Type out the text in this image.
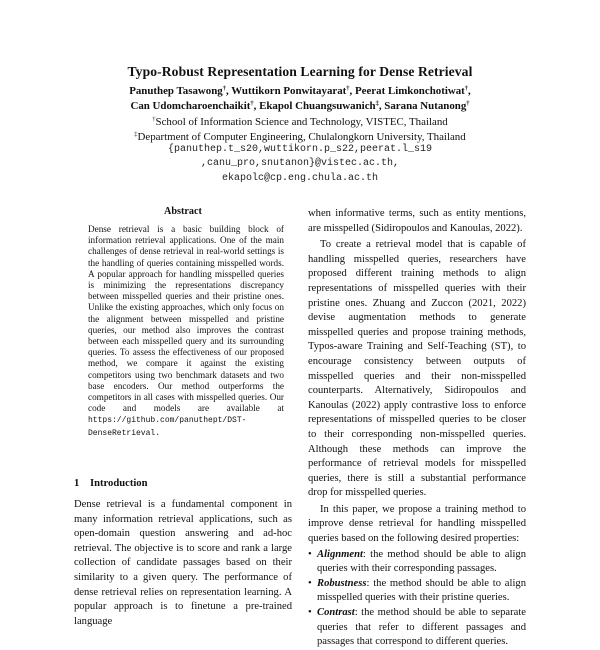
Typo-Robust Representation Learning for Dense Retrieval
Panuthep Tasawong†, Wuttikorn Ponwitayarat†, Peerat Limkonchotiwat†,
Can Udomcharoenchaikit†, Ekapol Chuangsuwanich‡, Sarana Nutanong†
†School of Information Science and Technology, VISTEC, Thailand
‡Department of Computer Engineering, Chulalongkorn University, Thailand
{panuthep.t_s20,wuttikorn.p_s22,peerat.l_s19
,canu_pro,snutanon}@vistec.ac.th,
ekapolc@cp.eng.chula.ac.th
Abstract
Dense retrieval is a basic building block of information retrieval applications. One of the main challenges of dense retrieval in real-world settings is the handling of queries containing misspelled words. A popular approach for handling misspelled queries is minimizing the representations discrepancy between misspelled queries and their pristine ones. Unlike the existing approaches, which only focus on the alignment between misspelled and pristine queries, our method also improves the contrast between each misspelled query and its surrounding queries. To assess the effectiveness of our proposed method, we compare it against the existing competitors using two benchmark datasets and two base encoders. Our method outperforms the competitors in all cases with misspelled queries. Our code and models are available at https://github.com/panuthept/DST-DenseRetrieval.
1 Introduction
Dense retrieval is a fundamental component in many information retrieval applications, such as open-domain question answering and ad-hoc retrieval. The objective is to score and rank a large collection of candidate passages based on their similarity to a given query. The performance of dense retrieval relies on representation learning. A popular approach is to finetune a pre-trained language

when informative terms, such as entity mentions, are misspelled (Sidiropoulos and Kanoulas, 2022).

To create a retrieval model that is capable of handling misspelled queries, researchers have proposed different training methods to align representations of misspelled queries with their pristine ones. Zhuang and Zuccon (2021, 2022) devise augmentation methods to generate misspelled queries and propose training methods, Typos-aware Training and Self-Teaching (ST), to encourage consistency between outputs of misspelled queries and their non-misspelled counterparts. Alternatively, Sidiropoulos and Kanoulas (2022) apply contrastive loss to enforce representations of misspelled queries to be closer to their corresponding non-misspelled queries. Although these methods can improve the performance of retrieval models for misspelled queries, there is still a substantial performance drop for misspelled queries.

In this paper, we propose a training method to improve dense retrieval for handling misspelled queries based on the following desired properties:

• Alignment: the method should be able to align queries with their corresponding passages.
• Robustness: the method should be able to align misspelled queries with their pristine queries.
• Contrast: the method should be able to separate queries that refer to different passages and passages that correspond to different queries.
